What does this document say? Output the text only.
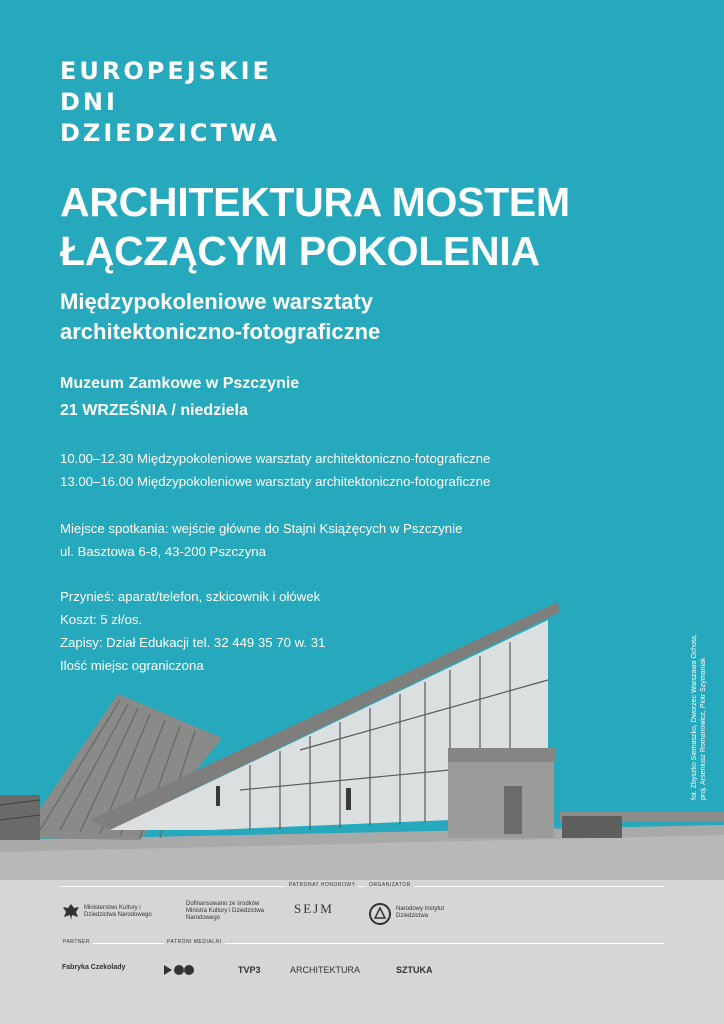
EUROPEJSKIE
DNI
DZIEDZICTWA
ARCHITEKTURA MOSTEM
ŁĄCZĄCYM POKOLENIA
Międzypokoleniowe warsztaty
architektoniczno-fotograficzne
Muzeum Zamkowe w Pszczynie
21 WRZEŚNIA / niedziela
10.00–12.30 Międzypokoleniowe warsztaty architektoniczno-fotograficzne
13.00–16.00 Międzypokoleniowe warsztaty architektoniczno-fotograficzne
Miejsce spotkania: wejście główne do Stajni Książęcych w Pszczynie
ul. Basztowa 6-8, 43-200 Pszczyna
Przynieś: aparat/telefon, szkicownik i ołówek
Koszt: 5 zł/os.
Zapisy: Dział Edukacji tel. 32 449 35 70 w. 31
Ilość miejsc ograniczona	fot. Zbyszko Siemaszko, Dworzec Warszawa Ochota, proj. Arseniusz Romanowicz, Piotr Szymaniak
PATRONAT HONOROWY	ORGANIZATOR
Ministerstwo Kultury i Dziedzictwa Narodowego
Dofinansowano ze środków Ministra Kultury i Dziedzictwa Narodowego
SEJM	Narodowy Instytut Dziedzictwa
PARTNER	PATRONI MEDIALNI
Fabryka Czekolady	TVP3	ARCHITEKTURA	SZTUKA
